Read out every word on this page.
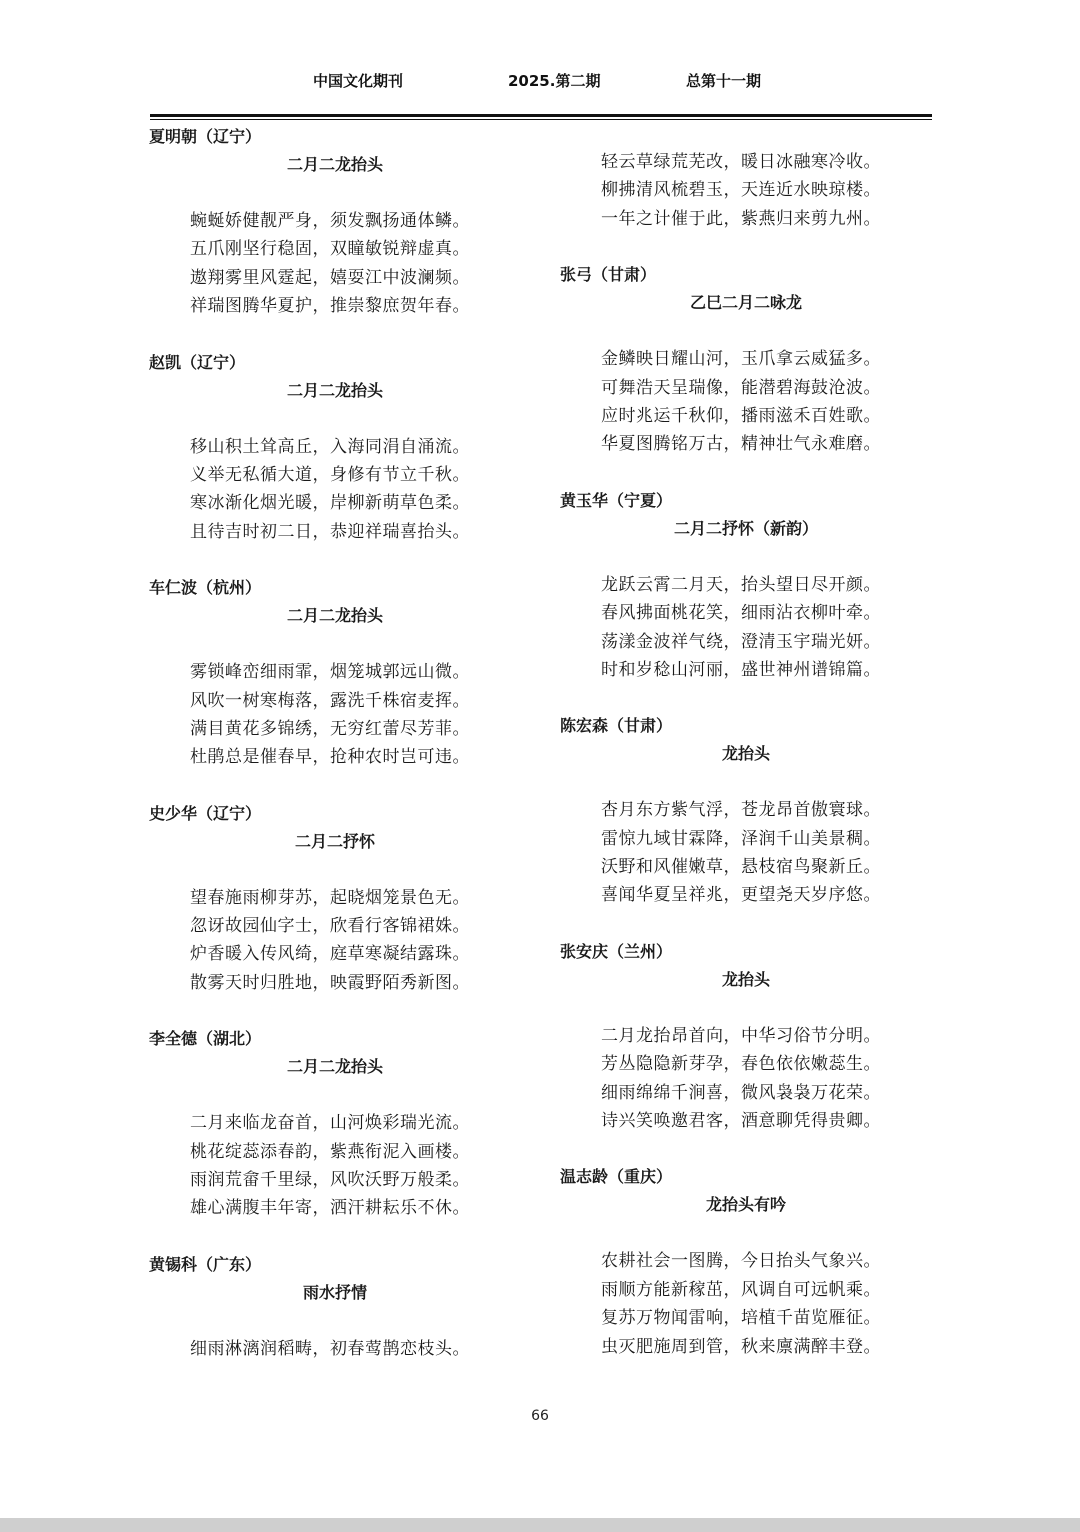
中国文化期刊	2025.第二期	总第十一期
夏明朝（辽宁）
二月二龙抬头
蜿蜒娇健靓严身，须发飘扬通体鳞。
五爪刚坚行稳固，双瞳敏锐辩虚真。
遨翔雾里风霆起，嬉耍江中波澜频。
祥瑞图腾华夏护，推崇黎庶贺年春。
赵凯（辽宁）
二月二龙抬头
移山积土耸高丘，入海同涓自涌流。
义举无私循大道，身修有节立千秋。
寒冰渐化烟光暖，岸柳新萌草色柔。
且待吉时初二日，恭迎祥瑞喜抬头。
车仁波（杭州）
二月二龙抬头
雾锁峰峦细雨霏，烟笼城郭远山微。
风吹一树寒梅落，露洗千株宿麦挥。
满目黄花多锦绣，无穷红蕾尽芳菲。
杜鹃总是催春早，抢种农时岂可违。
史少华（辽宁）
二月二抒怀
望春施雨柳芽苏，起晓烟笼景色无。
忽讶故园仙字士，欣看行客锦裙姝。
炉香暖入传风绮，庭草寒凝结露珠。
散雾天时归胜地，映霞野陌秀新图。
李全德（湖北）
二月二龙抬头
二月来临龙奋首，山河焕彩瑞光流。
桃花绽蕊添春韵，紫燕衔泥入画楼。
雨润荒畲千里绿，风吹沃野万般柔。
雄心满腹丰年寄，洒汗耕耘乐不休。
黄锡科（广东）
雨水抒情
细雨淋漓润稻畴，初春莺鹊恋枝头。
轻云草绿荒芜改，暖日冰融寒冷收。
柳拂清风梳碧玉，天连近水映琼楼。
一年之计催于此，紫燕归来剪九州。
张弓（甘肃）
乙巳二月二咏龙
金鳞映日耀山河，玉爪拿云威猛多。
可舞浩天呈瑞像，能潜碧海鼓沧波。
应时兆运千秋仰，播雨滋禾百姓歌。
华夏图腾铭万古，精神壮气永难磨。
黄玉华（宁夏）
二月二抒怀（新韵）
龙跃云霄二月天，抬头望日尽开颜。
春风拂面桃花笑，细雨沾衣柳叶牵。
荡漾金波祥气绕，澄清玉宇瑞光妍。
时和岁稔山河丽，盛世神州谱锦篇。
陈宏森（甘肃）
龙抬头
杏月东方紫气浮，苍龙昂首傲寰球。
雷惊九域甘霖降，泽润千山美景稠。
沃野和风催嫩草，悬枝宿鸟聚新丘。
喜闻华夏呈祥兆，更望尧天岁序悠。
张安庆（兰州）
龙抬头
二月龙抬昂首向，中华习俗节分明。
芳丛隐隐新芽孕，春色依依嫩蕊生。
细雨绵绵千涧喜，微风袅袅万花荣。
诗兴笑唤邀君客，酒意聊凭得贵卿。
温志龄（重庆）
龙抬头有吟
农耕社会一图腾，今日抬头气象兴。
雨顺方能新稼茁，风调自可远帆乘。
复苏万物闻雷响，培植千苗览雁征。
虫灭肥施周到管，秋来廪满醉丰登。
66
